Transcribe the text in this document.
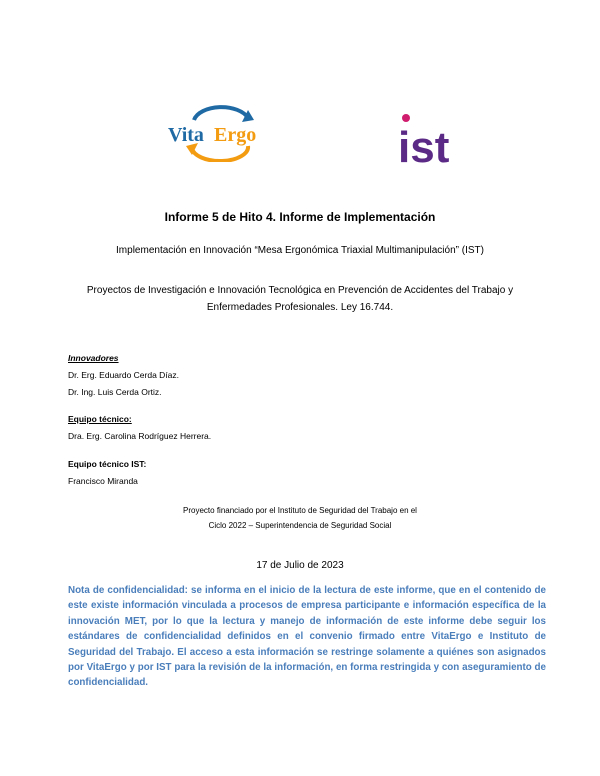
Vita Ergo	ist
Informe 5 de Hito 4. Informe de Implementación
Implementación en Innovación “Mesa Ergonómica Triaxial Multimanipulación” (IST)
Proyectos de Investigación e Innovación Tecnológica en Prevención de Accidentes del Trabajo y
Enfermedades Profesionales. Ley 16.744.
Innovadores
Dr. Erg. Eduardo Cerda Díaz.
Dr. Ing. Luis Cerda Ortiz.
Equipo técnico:
Dra. Erg. Carolina Rodríguez Herrera.
Equipo técnico IST:
Francisco Miranda
Proyecto financiado por el Instituto de Seguridad del Trabajo en el
Ciclo 2022 – Superintendencia de Seguridad Social
17 de Julio de 2023
Nota de confidencialidad: se informa en el inicio de la lectura de este informe, que en el contenido de este existe información vinculada a procesos de empresa participante e información específica de la innovación MET, por lo que la lectura y manejo de información de este informe debe seguir los estándares de confidencialidad definidos en el convenio firmado entre VitaErgo e Instituto de Seguridad del Trabajo. El acceso a esta información se restringe solamente a quiénes son asignados por VitaErgo y por IST para la revisión de la información, en forma restringida y con aseguramiento de confidencialidad.
